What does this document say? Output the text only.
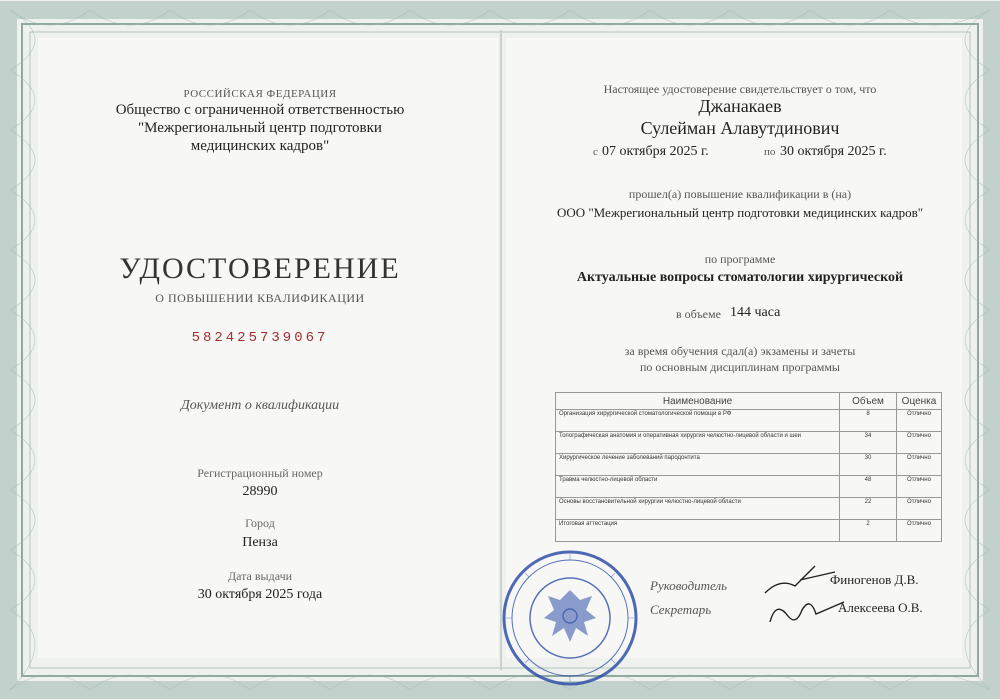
РОССИЙСКАЯ ФЕДЕРАЦИЯ
Общество с ограниченной ответственностью
"Межрегиональный центр подготовки
медицинских кадров"
УДОСТОВЕРЕНИЕ
О ПОВЫШЕНИИ КВАЛИФИКАЦИИ
582425739067
Документ о квалификации
Регистрационный номер
28990
Город
Пенза
Дата выдачи
30 октября 2025 года
Настоящее удостоверение свидетельствует о том, что
Джанакаев
Сулейман Алавутдинович
с 07 октября 2025 г.	по 30 октября 2025 г.
прошел(а) повышение квалификации в (на)
ООО "Межрегиональный центр подготовки медицинских кадров"
по программе
Актуальные вопросы стоматологии хирургической
в объеме 144 часа
за время обучения сдал(а) экзамены и зачеты
по основным дисциплинам программы
Наименование	Объем	Оценка
Организация хирургической стоматологической помощи в РФ	8	Отлично
Топографическая анатомия и оперативная хирургия челюстно-лицевой области и шеи	34	Отлично
Хирургическое лечение заболеваний пародонтита	30	Отлично
Травма челюстно-лицевой области	48	Отлично
Основы восстановительной хирургии челюстно-лицевой области	22	Отлично
Итоговая аттестация	2	Отлично
Руководитель	Финогенов Д.В.
Секретарь	Алексеева О.В.
